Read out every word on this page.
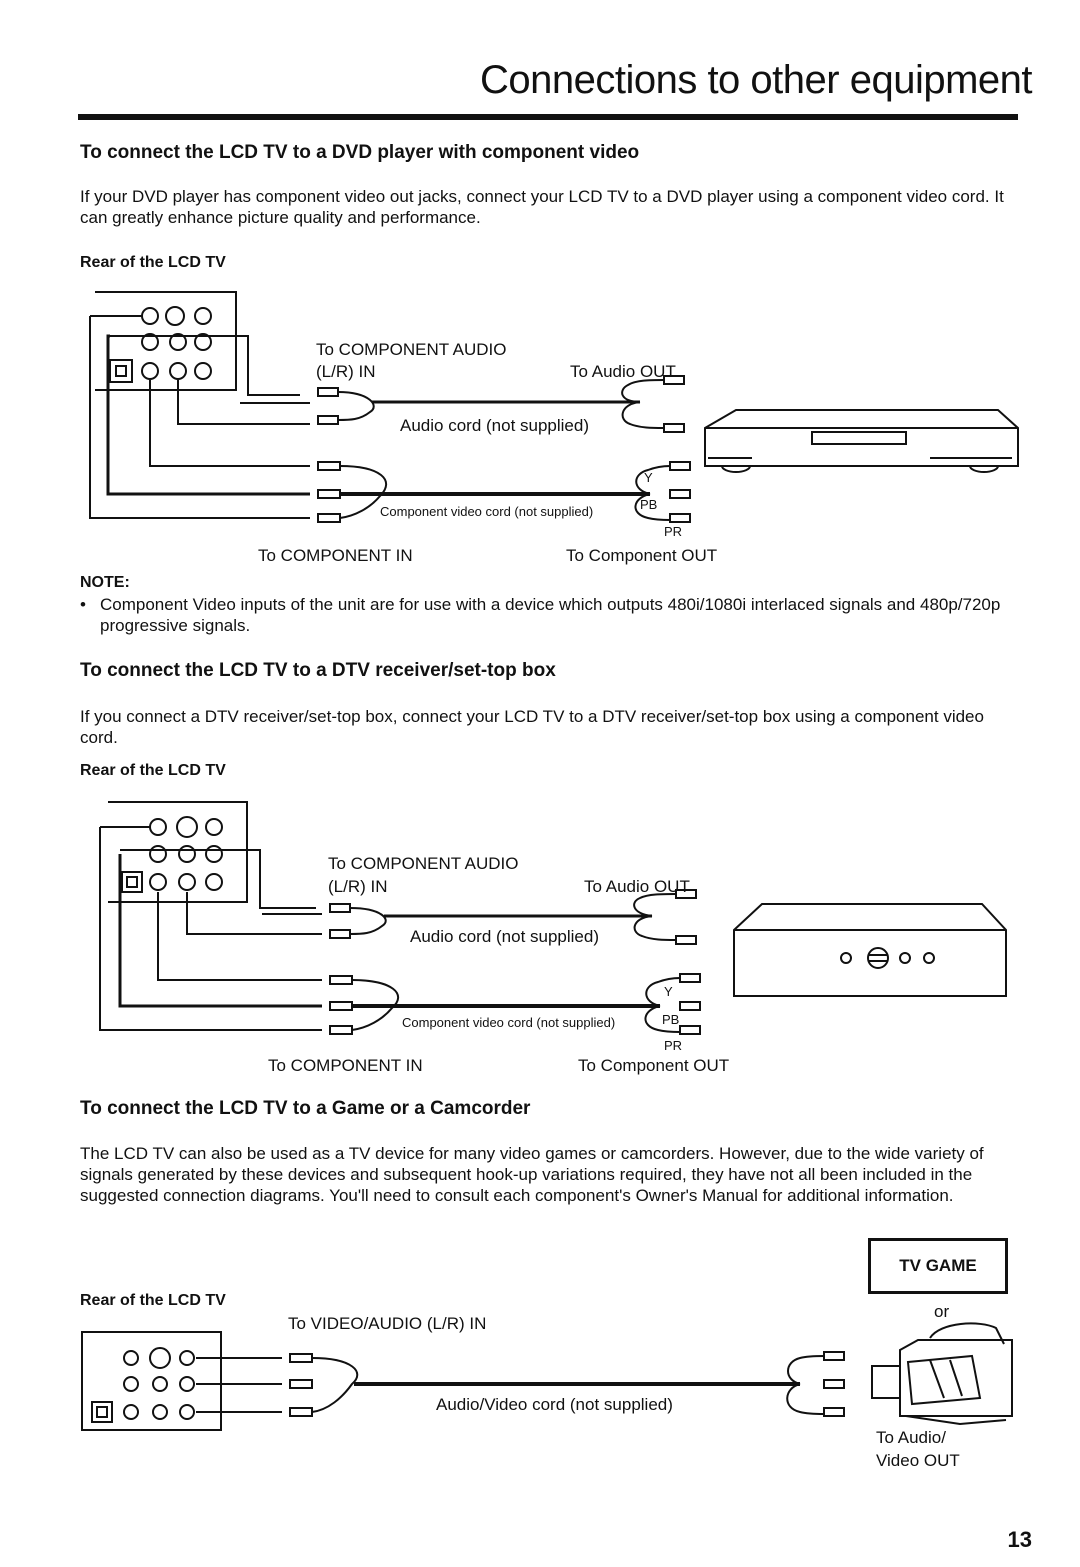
Connections to other equipment
To connect the LCD TV to a DVD player with component video
If your DVD player has component video out jacks, connect your LCD TV to a DVD player using a component video cord. It can greatly enhance picture quality and performance.
Rear of the LCD TV
To COMPONENT AUDIO
(L/R) IN	To Audio OUT
Audio cord (not supplied)
Component video cord (not supplied)
Y
PB
PR
To COMPONENT IN	To Component OUT
NOTE:
• Component Video inputs of the unit are for use with a device which outputs 480i/1080i interlaced signals and 480p/720p progressive signals.
To connect the LCD TV to a DTV receiver/set-top box
If you connect a DTV receiver/set-top box, connect your LCD TV to a DTV receiver/set-top box using a component video cord.
Rear of the LCD TV
To COMPONENT AUDIO
(L/R) IN	To Audio OUT
Audio cord (not supplied)
Component video cord (not supplied)
Y
PB
PR
To COMPONENT IN	To Component OUT
To connect the LCD TV to a Game or a Camcorder
The LCD TV can also be used as a TV device for many video games or camcorders. However, due to the wide variety of signals generated by these devices and subsequent hook-up variations required, they have not all been included in the suggested connection diagrams. You'll need to consult each component's Owner's Manual for additional information.
TV GAME
or
Rear of the LCD TV
To VIDEO/AUDIO (L/R) IN
Audio/Video cord (not supplied)
To Audio/
Video OUT
13
